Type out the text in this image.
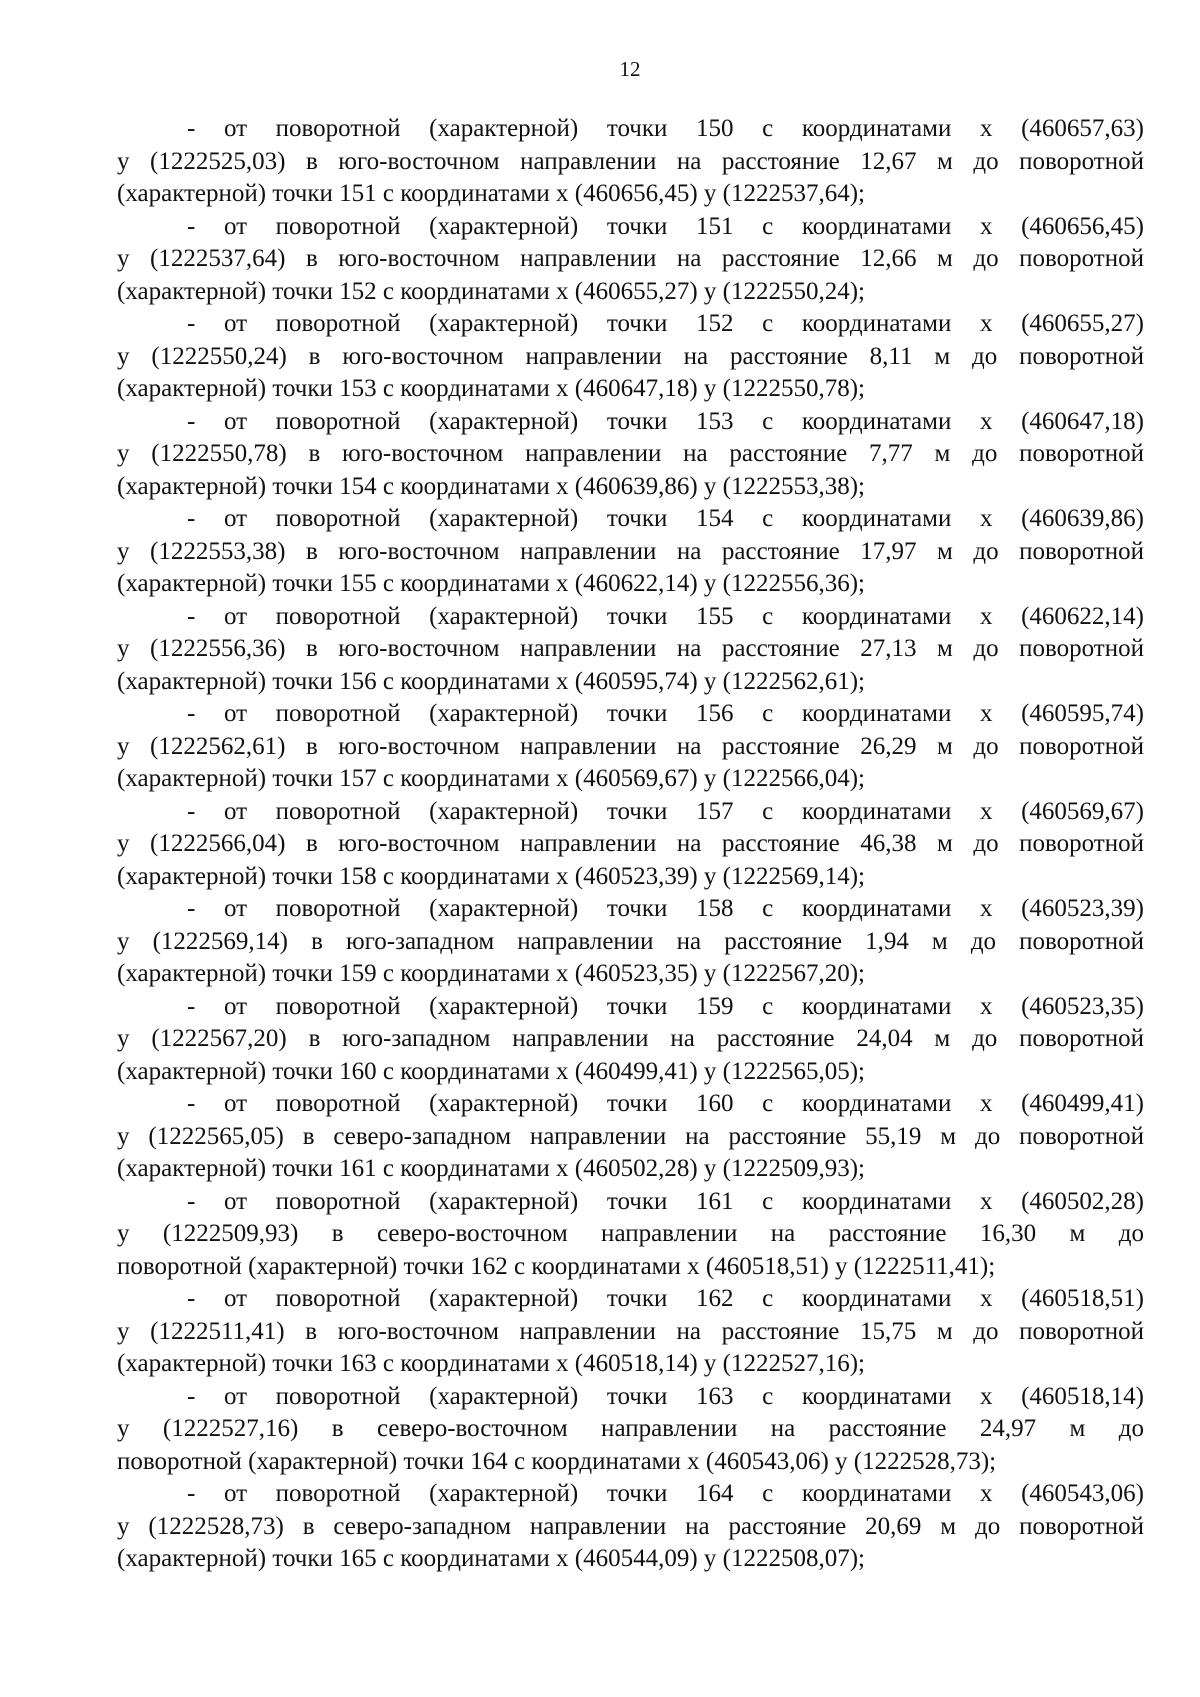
12

- от поворотной (характерной) точки 150 с координатами х (460657,63)
у (1222525,03) в юго-восточном направлении на расстояние 12,67 м до поворотной
(характерной) точки 151 с координатами х (460656,45) у (1222537,64);

- от поворотной (характерной) точки 151 с координатами х (460656,45)
у (1222537,64) в юго-восточном направлении на расстояние 12,66 м до поворотной
(характерной) точки 152 с координатами х (460655,27) у (1222550,24);

- от поворотной (характерной) точки 152 с координатами х (460655,27)
у (1222550,24) в юго-восточном направлении на расстояние 8,11 м до поворотной
(характерной) точки 153 с координатами х (460647,18) у (1222550,78);

- от поворотной (характерной) точки 153 с координатами х (460647,18)
у (1222550,78) в юго-восточном направлении на расстояние 7,77 м до поворотной
(характерной) точки 154 с координатами х (460639,86) у (1222553,38);

- от поворотной (характерной) точки 154 с координатами х (460639,86)
у (1222553,38) в юго-восточном направлении на расстояние 17,97 м до поворотной
(характерной) точки 155 с координатами х (460622,14) у (1222556,36);

- от поворотной (характерной) точки 155 с координатами х (460622,14)
у (1222556,36) в юго-восточном направлении на расстояние 27,13 м до поворотной
(характерной) точки 156 с координатами х (460595,74) у (1222562,61);

- от поворотной (характерной) точки 156 с координатами х (460595,74)
у (1222562,61) в юго-восточном направлении на расстояние 26,29 м до поворотной
(характерной) точки 157 с координатами х (460569,67) у (1222566,04);

- от поворотной (характерной) точки 157 с координатами х (460569,67)
у (1222566,04) в юго-восточном направлении на расстояние 46,38 м до поворотной
(характерной) точки 158 с координатами х (460523,39) у (1222569,14);

- от поворотной (характерной) точки 158 с координатами х (460523,39)
у (1222569,14) в юго-западном направлении на расстояние 1,94 м до поворотной
(характерной) точки 159 с координатами х (460523,35) у (1222567,20);

- от поворотной (характерной) точки 159 с координатами х (460523,35)
у (1222567,20) в юго-западном направлении на расстояние 24,04 м до поворотной
(характерной) точки 160 с координатами х (460499,41) у (1222565,05);

- от поворотной (характерной) точки 160 с координатами х (460499,41)
у (1222565,05) в северо-западном направлении на расстояние 55,19 м до поворотной
(характерной) точки 161 с координатами х (460502,28) у (1222509,93);

- от поворотной (характерной) точки 161 с координатами х (460502,28)
у (1222509,93) в северо-восточном направлении на расстояние 16,30 м до
поворотной (характерной) точки 162 с координатами х (460518,51) у (1222511,41);

- от поворотной (характерной) точки 162 с координатами х (460518,51)
у (1222511,41) в юго-восточном направлении на расстояние 15,75 м до поворотной
(характерной) точки 163 с координатами х (460518,14) у (1222527,16);

- от поворотной (характерной) точки 163 с координатами х (460518,14)
у (1222527,16) в северо-восточном направлении на расстояние 24,97 м до
поворотной (характерной) точки 164 с координатами х (460543,06) у (1222528,73);

- от поворотной (характерной) точки 164 с координатами х (460543,06)
у (1222528,73) в северо-западном направлении на расстояние 20,69 м до поворотной
(характерной) точки 165 с координатами х (460544,09) у (1222508,07);
